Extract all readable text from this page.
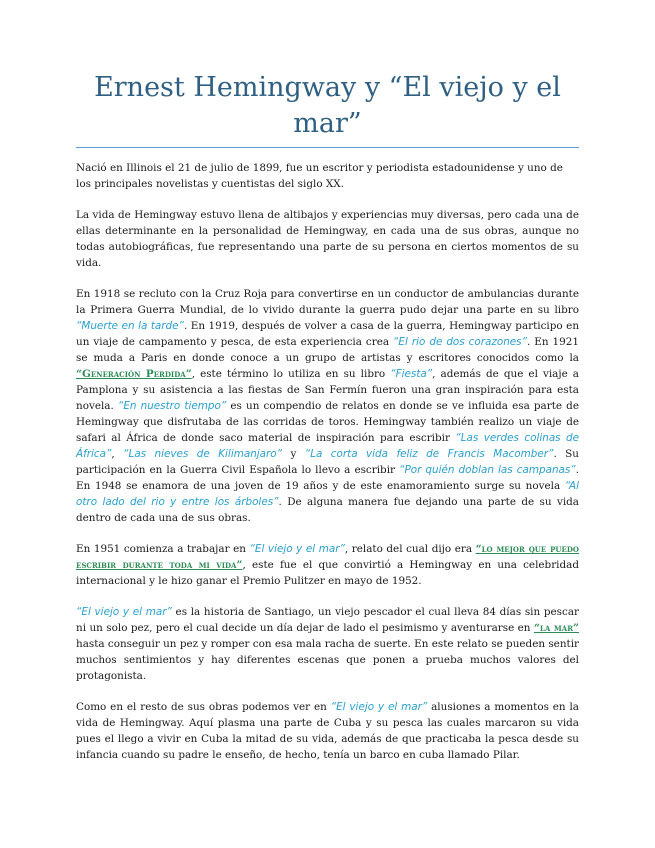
Ernest Hemingway y “El viejo y el mar”

Nació en Illinois el 21 de julio de 1899, fue un escritor y periodista estadounidense y uno de los principales novelistas y cuentistas del siglo XX.

La vida de Hemingway estuvo llena de altibajos y experiencias muy diversas, pero cada una de ellas determinante en la personalidad de Hemingway, en cada una de sus obras, aunque no todas autobiográficas, fue representando una parte de su persona en ciertos momentos de su vida.

En 1918 se recluto con la Cruz Roja para convertirse en un conductor de ambulancias durante la Primera Guerra Mundial, de lo vivido durante la guerra pudo dejar una parte en su libro “Muerte en la tarde”. En 1919, después de volver a casa de la guerra, Hemingway participo en un viaje de campamento y pesca, de esta experiencia crea “El rio de dos corazones”. En 1921 se muda a Paris en donde conoce a un grupo de artistas y escritores conocidos como la “Generación Perdida”, este término lo utiliza en su libro “Fiesta”, además de que el viaje a Pamplona y su asistencia a las fiestas de San Fermín fueron una gran inspiración para esta novela. “En nuestro tiempo” es un compendio de relatos en donde se ve influida esa parte de Hemingway que disfrutaba de las corridas de toros. Hemingway también realizo un viaje de safari al África de donde saco material de inspiración para escribir “Las verdes colinas de África”, “Las nieves de Kilimanjaro” y “La corta vida feliz de Francis Macomber”. Su participación en la Guerra Civil Española lo llevo a escribir “Por quién doblan las campanas”. En 1948 se enamora de una joven de 19 años y de este enamoramiento surge su novela “Al otro lado del rio y entre los árboles”. De alguna manera fue dejando una parte de su vida dentro de cada una de sus obras.

En 1951 comienza a trabajar en “El viejo y el mar”, relato del cual dijo era “lo mejor que puedo escribir durante toda mi vida”, este fue el que convirtió a Hemingway en una celebridad internacional y le hizo ganar el Premio Pulitzer en mayo de 1952.

“El viejo y el mar” es la historia de Santiago, un viejo pescador el cual lleva 84 días sin pescar ni un solo pez, pero el cual decide un día dejar de lado el pesimismo y aventurarse en “la mar” hasta conseguir un pez y romper con esa mala racha de suerte. En este relato se pueden sentir muchos sentimientos y hay diferentes escenas que ponen a prueba muchos valores del protagonista.

Como en el resto de sus obras podemos ver en “El viejo y el mar” alusiones a momentos en la vida de Hemingway. Aquí plasma una parte de Cuba y su pesca las cuales marcaron su vida pues el llego a vivir en Cuba la mitad de su vida, además de que practicaba la pesca desde su infancia cuando su padre le enseño, de hecho, tenía un barco en cuba llamado Pilar.
